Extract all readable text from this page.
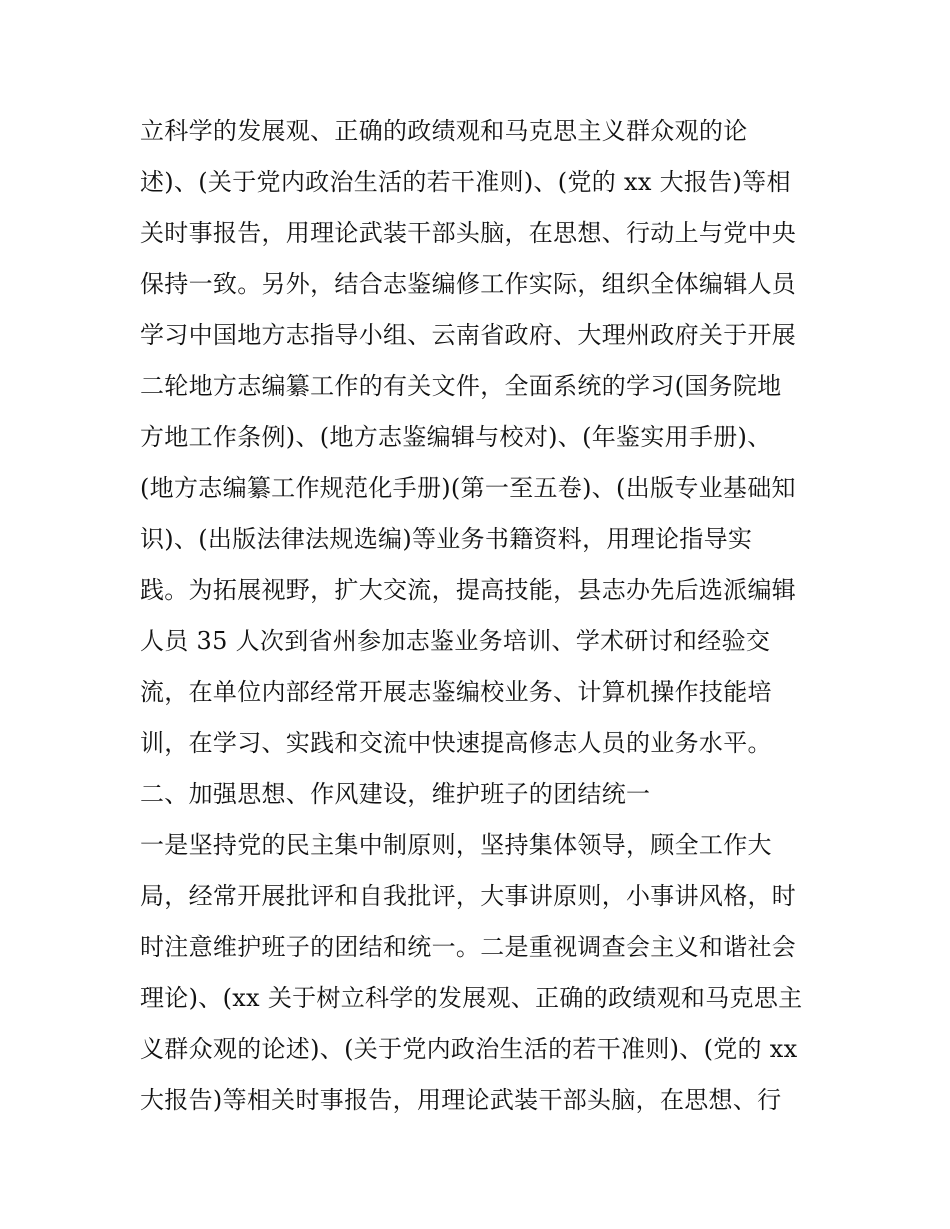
立科学的发展观、正确的政绩观和马克思主义群众观的论
述)、(关于党内政治生活的若干准则)、(党的 xx 大报告)等相
关时事报告，用理论武装干部头脑，在思想、行动上与党中央
保持一致。另外，结合志鉴编修工作实际，组织全体编辑人员
学习中国地方志指导小组、云南省政府、大理州政府关于开展
二轮地方志编纂工作的有关文件，全面系统的学习(国务院地
方地工作条例)、(地方志鉴编辑与校对)、(年鉴实用手册)、
(地方志编纂工作规范化手册)(第一至五卷)、(出版专业基础知
识)、(出版法律法规选编)等业务书籍资料，用理论指导实
践。为拓展视野，扩大交流，提高技能，县志办先后选派编辑
人员 35 人次到省州参加志鉴业务培训、学术研讨和经验交
流，在单位内部经常开展志鉴编校业务、计算机操作技能培
训，在学习、实践和交流中快速提高修志人员的业务水平。
二、加强思想、作风建设，维护班子的团结统一
一是坚持党的民主集中制原则，坚持集体领导，顾全工作大
局，经常开展批评和自我批评，大事讲原则，小事讲风格，时
时注意维护班子的团结和统一。二是重视调查会主义和谐社会
理论)、(xx 关于树立科学的发展观、正确的政绩观和马克思主
义群众观的论述)、(关于党内政治生活的若干准则)、(党的 xx
大报告)等相关时事报告，用理论武装干部头脑，在思想、行
